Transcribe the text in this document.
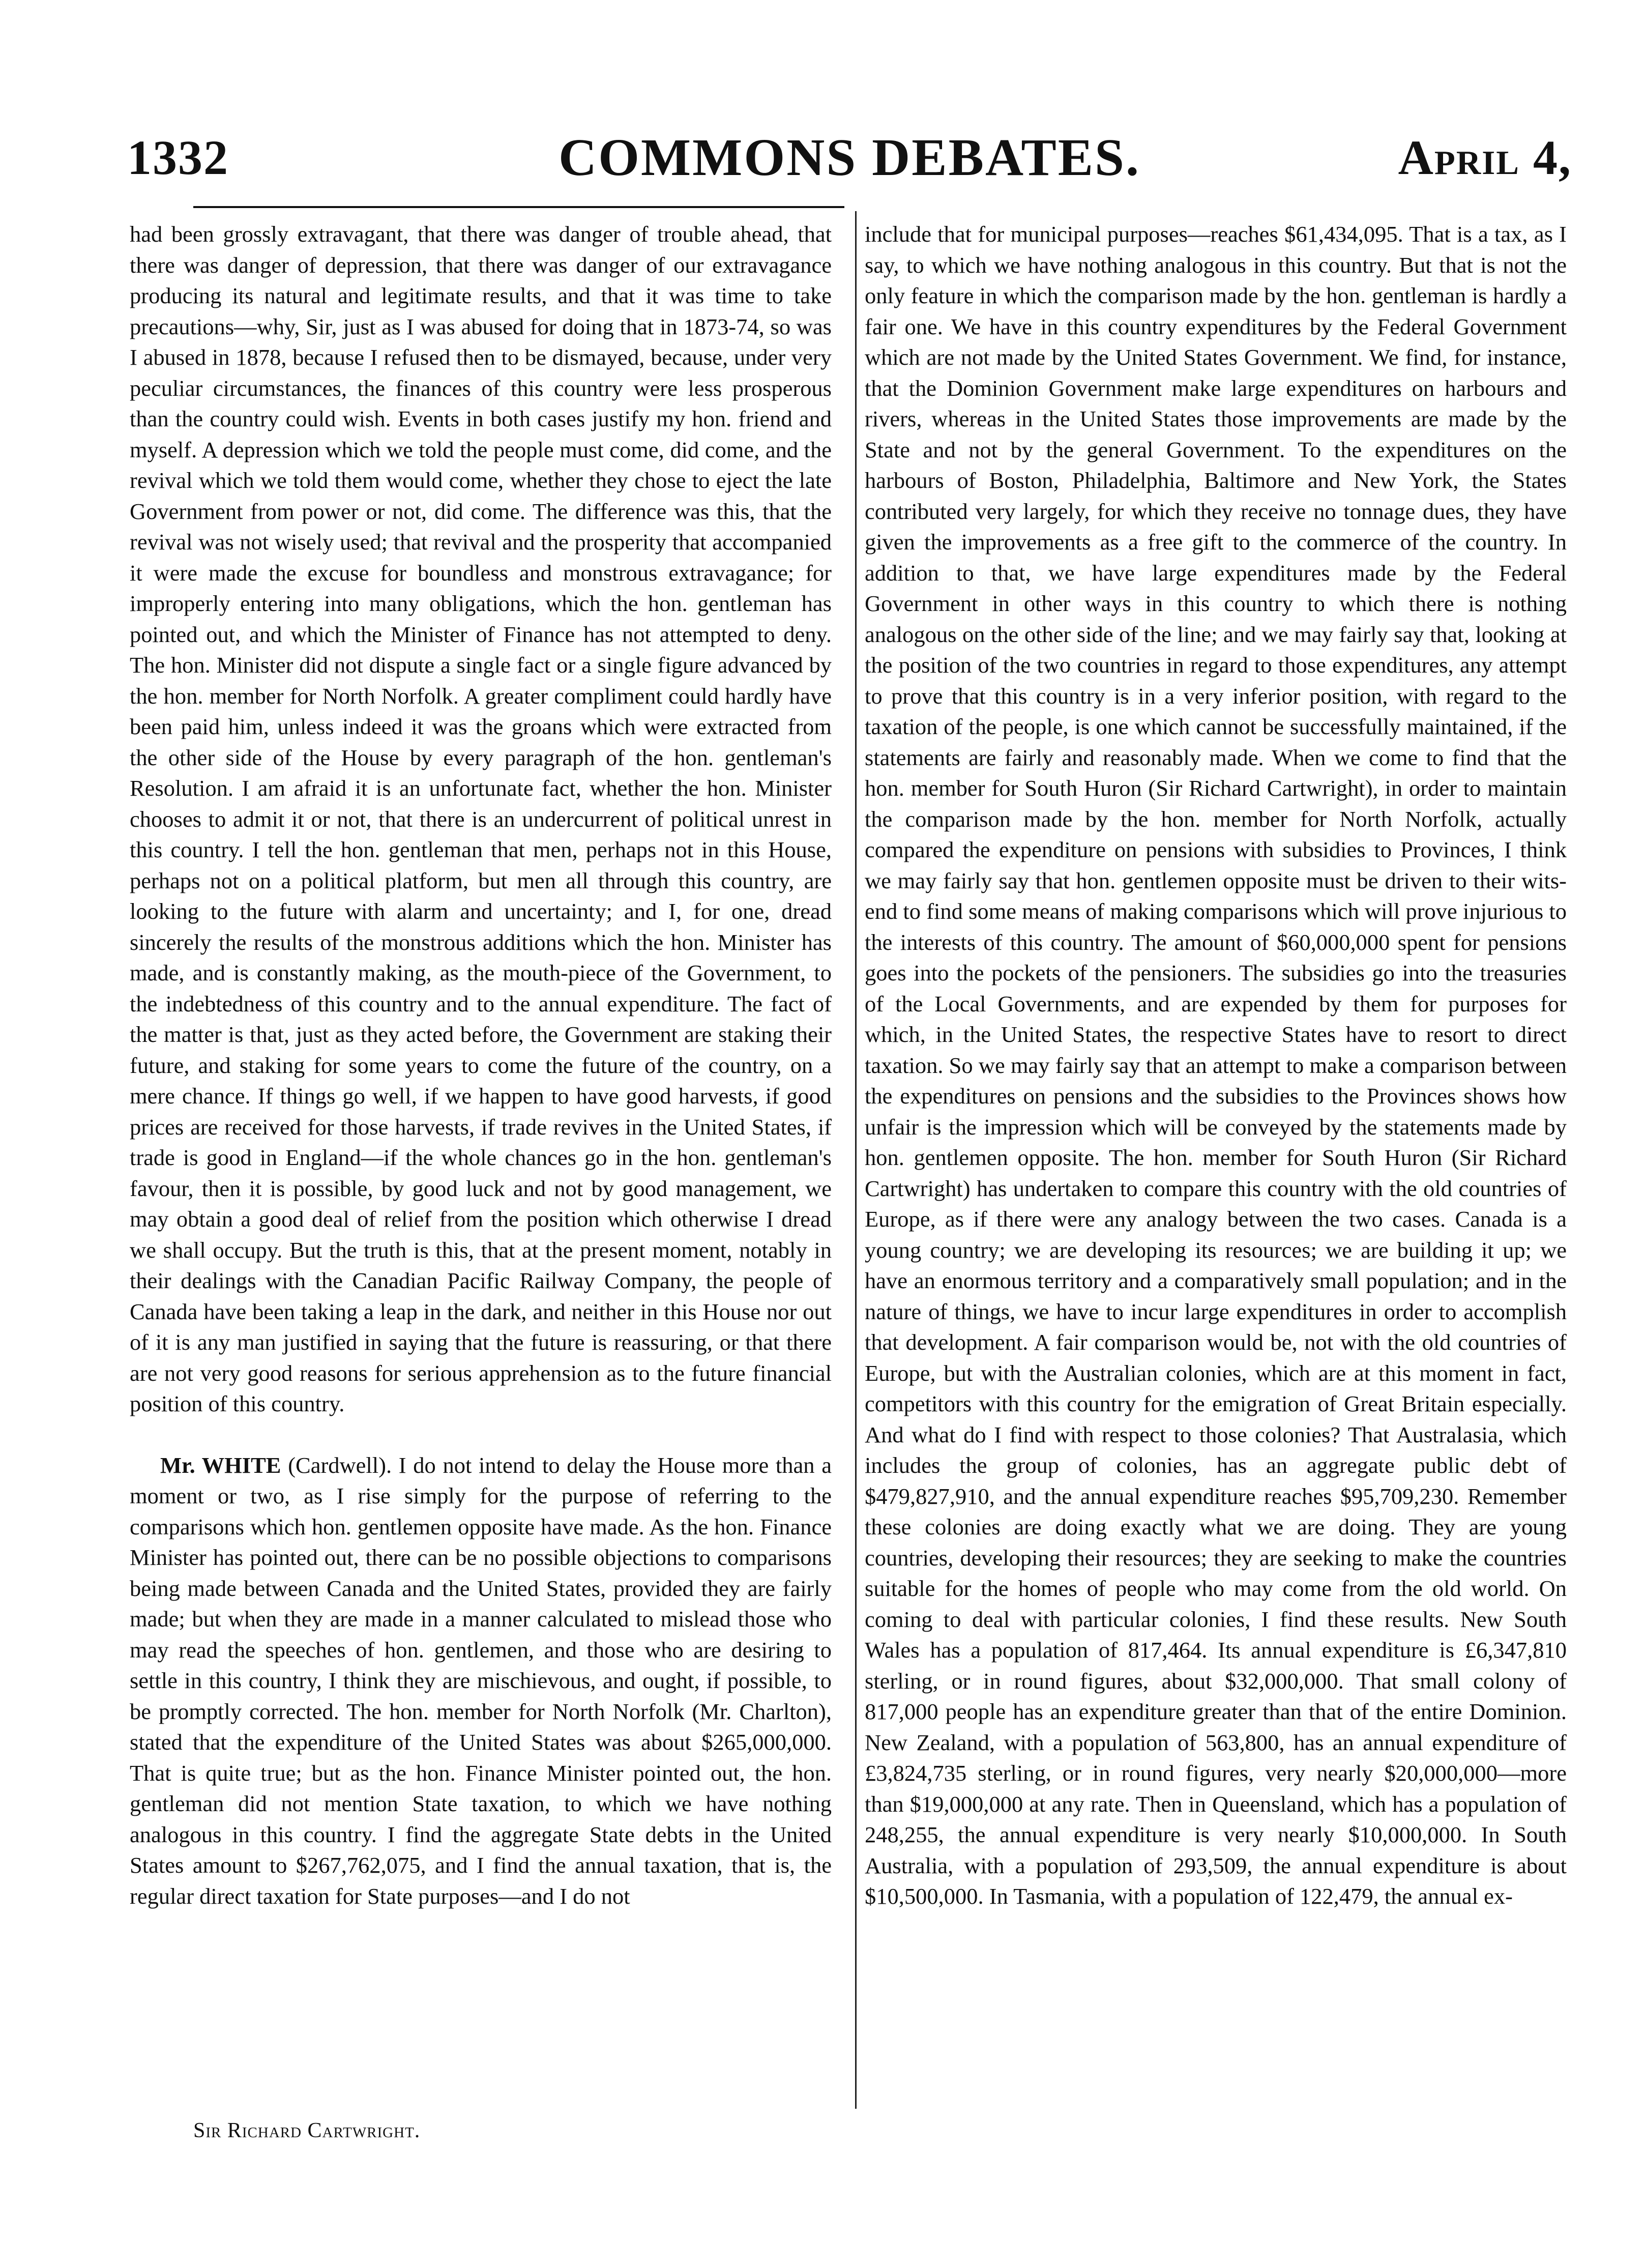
1332	COMMONS DEBATES.	April 4,

had been grossly extravagant, that there was danger of trouble ahead, that there was danger of depression, that there was danger of our extravagance producing its natural and legitimate results, and that it was time to take precautions—why, Sir, just as I was abused for doing that in 1873-74, so was I abused in 1878, because I refused then to be dismayed, because, under very peculiar circumstances, the finances of this country were less prosperous than the country could wish. Events in both cases justify my hon. friend and myself. A depression which we told the people must come, did come, and the revival which we told them would come, whether they chose to eject the late Government from power or not, did come. The difference was this, that the revival was not wisely used; that revival and the prosperity that accompanied it were made the excuse for boundless and monstrous extravagance; for improperly entering into many obligations, which the hon. gentleman has pointed out, and which the Minister of Finance has not attempted to deny. The hon. Minister did not dispute a single fact or a single figure advanced by the hon. member for North Norfolk. A greater compliment could hardly have been paid him, unless indeed it was the groans which were extracted from the other side of the House by every paragraph of the hon. gentleman's Resolution. I am afraid it is an unfortunate fact, whether the hon. Minister chooses to admit it or not, that there is an undercurrent of political unrest in this country. I tell the hon. gentleman that men, perhaps not in this House, perhaps not on a political platform, but men all through this country, are looking to the future with alarm and uncertainty; and I, for one, dread sincerely the results of the monstrous additions which the hon. Minister has made, and is constantly making, as the mouth-piece of the Government, to the indebtedness of this country and to the annual expenditure. The fact of the matter is that, just as they acted before, the Government are staking their future, and staking for some years to come the future of the country, on a mere chance. If things go well, if we happen to have good harvests, if good prices are received for those harvests, if trade revives in the United States, if trade is good in England—if the whole chances go in the hon. gentleman's favour, then it is possible, by good luck and not by good management, we may obtain a good deal of relief from the position which otherwise I dread we shall occupy. But the truth is this, that at the present moment, notably in their dealings with the Canadian Pacific Railway Company, the people of Canada have been taking a leap in the dark, and neither in this House nor out of it is any man justified in saying that the future is reassuring, or that there are not very good reasons for serious apprehension as to the future financial position of this country.

Mr. WHITE (Cardwell). I do not intend to delay the House more than a moment or two, as I rise simply for the purpose of referring to the comparisons which hon. gentlemen opposite have made. As the hon. Finance Minister has pointed out, there can be no possible objections to comparisons being made between Canada and the United States, provided they are fairly made; but when they are made in a manner calculated to mislead those who may read the speeches of hon. gentlemen, and those who are desiring to settle in this country, I think they are mischievous, and ought, if possible, to be promptly corrected. The hon. member for North Norfolk (Mr. Charlton), stated that the expenditure of the United States was about $265,000,000. That is quite true; but as the hon. Finance Minister pointed out, the hon. gentleman did not mention State taxation, to which we have nothing analogous in this country. I find the aggregate State debts in the United States amount to $267,762,075, and I find the annual taxation, that is, the regular direct taxation for State purposes—and I do not

include that for municipal purposes—reaches $61,434,095. That is a tax, as I say, to which we have nothing analogous in this country. But that is not the only feature in which the comparison made by the hon. gentleman is hardly a fair one. We have in this country expenditures by the Federal Government which are not made by the United States Government. We find, for instance, that the Dominion Government make large expenditures on harbours and rivers, whereas in the United States those improvements are made by the State and not by the general Government. To the expenditures on the harbours of Boston, Philadelphia, Baltimore and New York, the States contributed very largely, for which they receive no tonnage dues, they have given the improvements as a free gift to the commerce of the country. In addition to that, we have large expenditures made by the Federal Government in other ways in this country to which there is nothing analogous on the other side of the line; and we may fairly say that, looking at the position of the two countries in regard to those expenditures, any attempt to prove that this country is in a very inferior position, with regard to the taxation of the people, is one which cannot be successfully maintained, if the statements are fairly and reasonably made. When we come to find that the hon. member for South Huron (Sir Richard Cartwright), in order to maintain the comparison made by the hon. member for North Norfolk, actually compared the expenditure on pensions with subsidies to Provinces, I think we may fairly say that hon. gentlemen opposite must be driven to their wits-end to find some means of making comparisons which will prove injurious to the interests of this country. The amount of $60,000,000 spent for pensions goes into the pockets of the pensioners. The subsidies go into the treasuries of the Local Governments, and are expended by them for purposes for which, in the United States, the respective States have to resort to direct taxation. So we may fairly say that an attempt to make a comparison between the expenditures on pensions and the subsidies to the Provinces shows how unfair is the impression which will be conveyed by the statements made by hon. gentlemen opposite. The hon. member for South Huron (Sir Richard Cartwright) has undertaken to compare this country with the old countries of Europe, as if there were any analogy between the two cases. Canada is a young country; we are developing its resources; we are building it up; we have an enormous territory and a comparatively small population; and in the nature of things, we have to incur large expenditures in order to accomplish that development. A fair comparison would be, not with the old countries of Europe, but with the Australian colonies, which are at this moment in fact, competitors with this country for the emigration of Great Britain especially. And what do I find with respect to those colonies? That Australasia, which includes the group of colonies, has an aggregate public debt of $479,827,910, and the annual expenditure reaches $95,709,230. Remember these colonies are doing exactly what we are doing. They are young countries, developing their resources; they are seeking to make the countries suitable for the homes of people who may come from the old world. On coming to deal with particular colonies, I find these results. New South Wales has a population of 817,464. Its annual expenditure is £6,347,810 sterling, or in round figures, about $32,000,000. That small colony of 817,000 people has an expenditure greater than that of the entire Dominion. New Zealand, with a population of 563,800, has an annual expenditure of £3,824,735 sterling, or in round figures, very nearly $20,000,000—more than $19,000,000 at any rate. Then in Queensland, which has a population of 248,255, the annual expenditure is very nearly $10,000,000. In South Australia, with a population of 293,509, the annual expenditure is about $10,500,000. In Tasmania, with a population of 122,479, the annual ex-

Sir Richard Cartwright.
